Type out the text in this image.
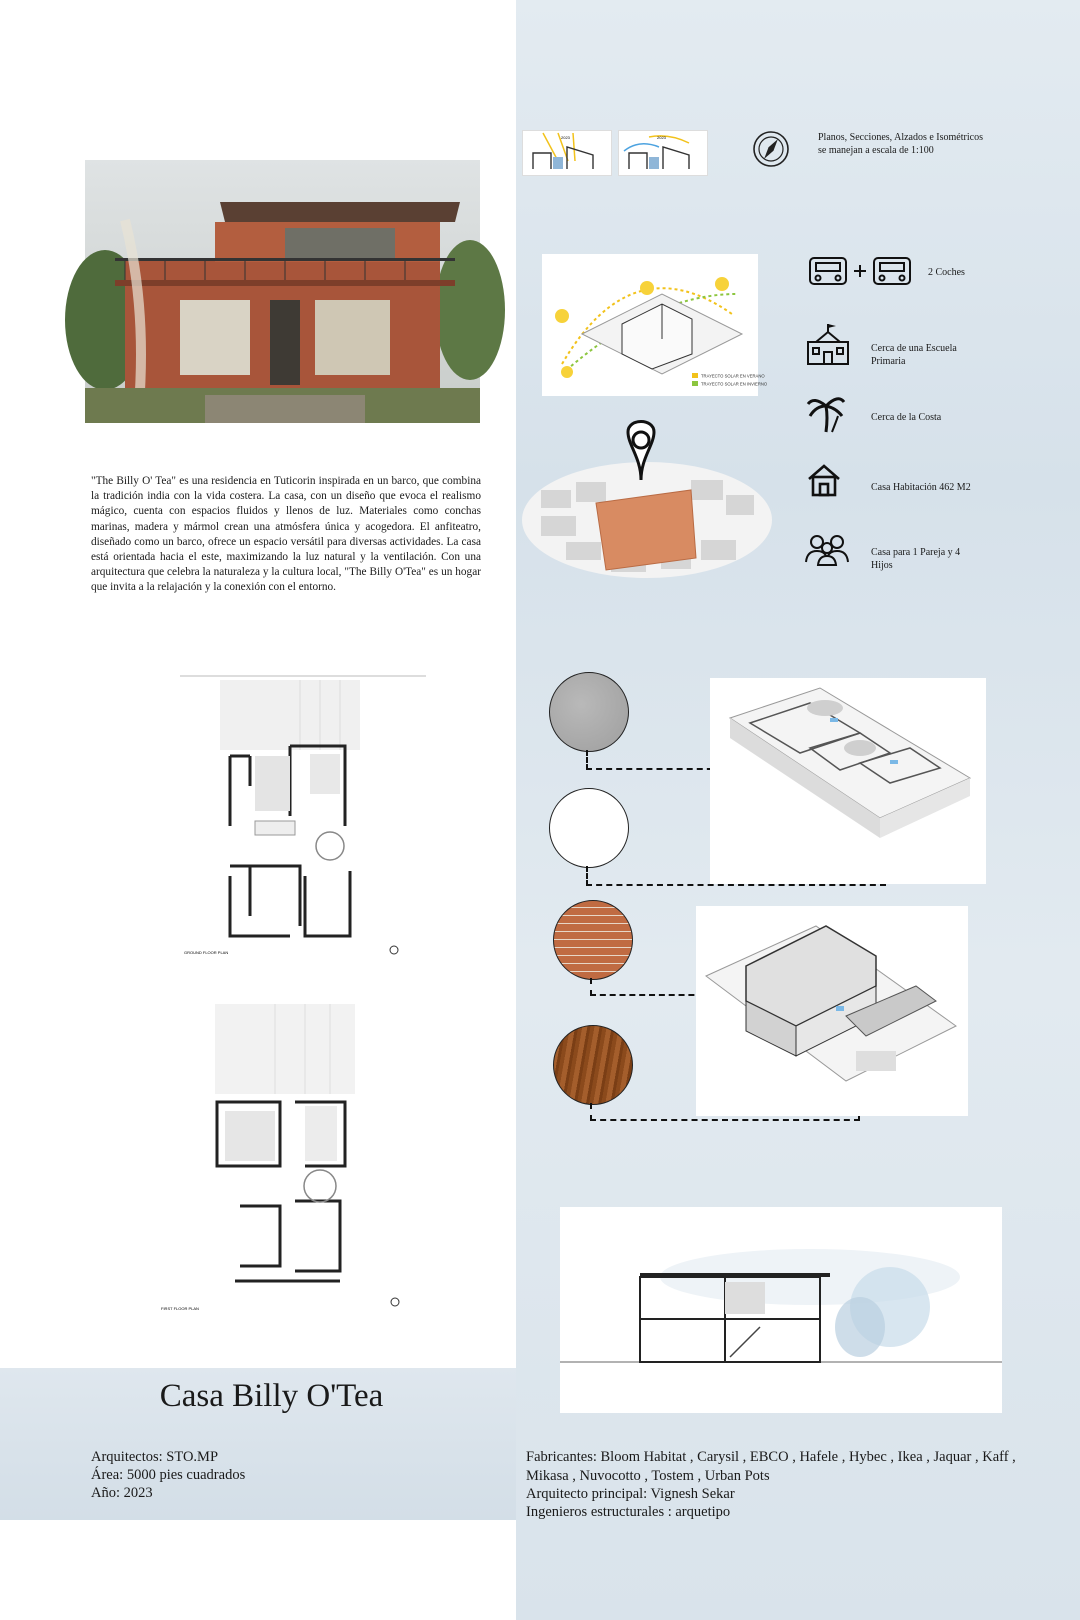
2023	2023	Planos, Secciones, Alzados e Isométricos se manejan a escala de 1:100
"The Billy O' Tea" es una residencia en Tuticorin inspirada en un barco, que combina la tradición india con la vida costera. La casa, con un diseño que evoca el realismo mágico, cuenta con espacios fluidos y llenos de luz. Materiales como conchas marinas, madera y mármol crean una atmósfera única y acogedora. El anfiteatro, diseñado como un barco, ofrece un espacio versátil para diversas actividades. La casa está orientada hacia el este, maximizando la luz natural y la ventilación. Con una arquitectura que celebra la naturaleza y la cultura local, "The Billy O'Tea" es un hogar que invita a la relajación y la conexión con el entorno.
TRAYECTO SOLAR EN VERANO
TRAYECTO SOLAR EN INVIERNO
2 Coches
Cerca de una Escuela Primaria
Cerca de la Costa
Casa Habitación 462 M2
Casa para 1 Pareja y 4 Hijos
GROUND FLOOR PLAN
FIRST FLOOR PLAN
Casa Billy O'Tea
Arquitectos: STO.MP
Área: 5000 pies cuadrados
Año: 2023
Fabricantes: Bloom Habitat , Carysil , EBCO , Hafele , Hybec , Ikea , Jaquar , Kaff , Mikasa , Nuvocotto , Tostem , Urban Pots
Arquitecto principal: Vignesh Sekar
Ingenieros estructurales : arquetipo
